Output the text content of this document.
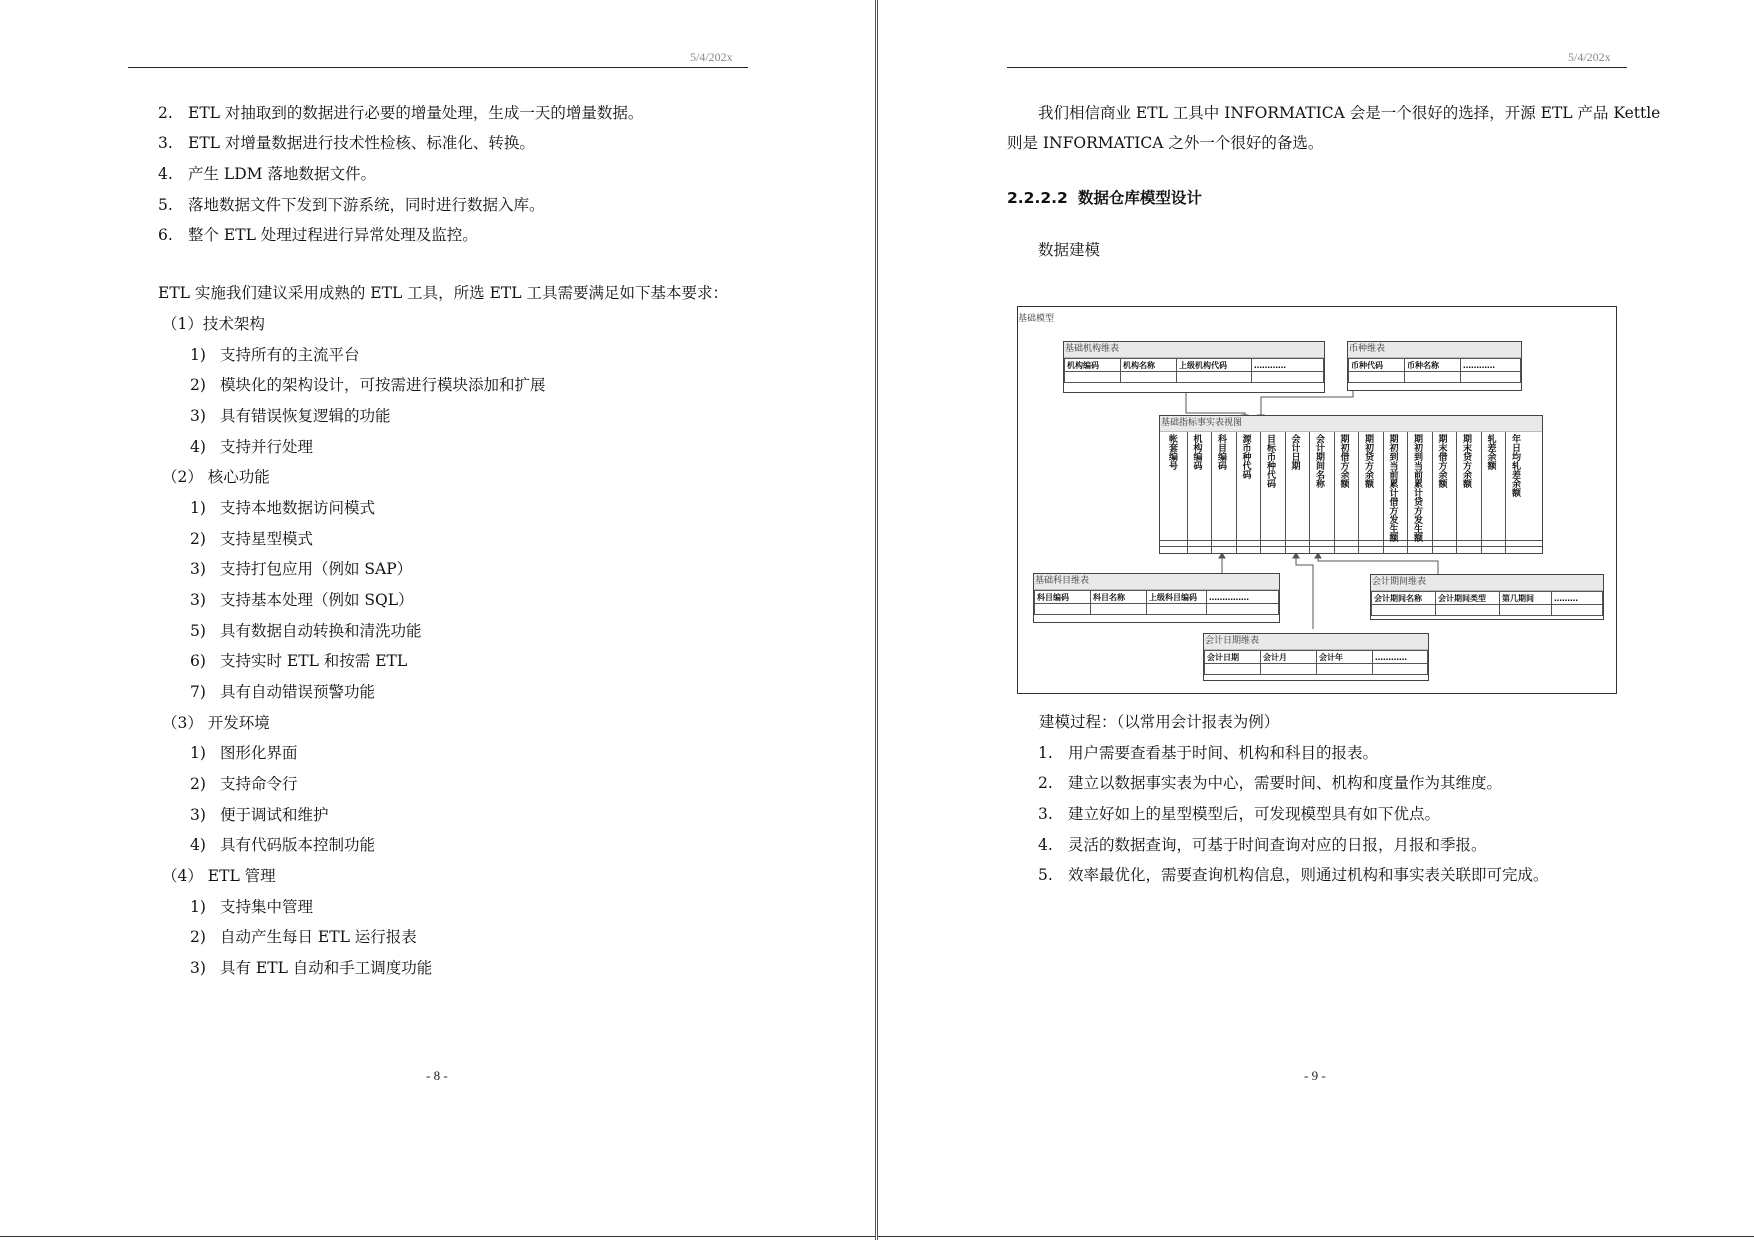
5/4/202x
2. ETL 对抽取到的数据进行必要的增量处理，生成一天的增量数据。
3. ETL 对增量数据进行技术性检核、标准化、转换。
4. 产生 LDM 落地数据文件。
5. 落地数据文件下发到下游系统，同时进行数据入库。
6. 整个 ETL 处理过程进行异常处理及监控。
ETL 实施我们建议采用成熟的 ETL 工具，所选 ETL 工具需要满足如下基本要求：
（1）技术架构
1) 支持所有的主流平台
2) 模块化的架构设计，可按需进行模块添加和扩展
3) 具有错误恢复逻辑的功能
4) 支持并行处理
（2） 核心功能
1) 支持本地数据访问模式
2) 支持星型模式
3) 支持打包应用（例如 SAP）
3) 支持基本处理（例如 SQL）
5) 具有数据自动转换和清洗功能
6) 支持实时 ETL 和按需 ETL
7) 具有自动错误预警功能
（3） 开发环境
1) 图形化界面
2) 支持命令行
3) 便于调试和维护
4) 具有代码版本控制功能
（4） ETL 管理
1) 支持集中管理
2) 自动产生每日 ETL 运行报表
3) 具有 ETL 自动和手工调度功能
- 8 -
5/4/202x
我们相信商业 ETL 工具中 INFORMATICA 会是一个很好的选择，开源 ETL 产品 Kettle
则是 INFORMATICA 之外一个很好的备选。
2.2.2.2 数据仓库模型设计
数据建模
基础模型
基础机构维表
机构编码	机构名称	上级机构代码	…………

币种维表
币种代码	币种名称	…………

基础指标事实表视图
帐套编号 机构编码 科目编码 源币种代码 目标币种代码 会计日期 会计期间名称 期初借方余额 期初贷方余额 期初到当前累计借方发生额 期初到当前累计贷方发生额 期末借方余额 期末贷方余额 轧差余额 年日均轧差余额
基础科目维表
科目编码	科目名称	上级科目编码	……………

会计期间维表
会计期间名称	会计期间类型	第几期间	………

会计日期维表
会计日期	会计月	会计年	…………

建模过程：（以常用会计报表为例）
1. 用户需要查看基于时间、机构和科目的报表。
2. 建立以数据事实表为中心，需要时间、机构和度量作为其维度。
3. 建立好如上的星型模型后，可发现模型具有如下优点。
4. 灵活的数据查询，可基于时间查询对应的日报，月报和季报。
5. 效率最优化，需要查询机构信息，则通过机构和事实表关联即可完成。
- 9 -
